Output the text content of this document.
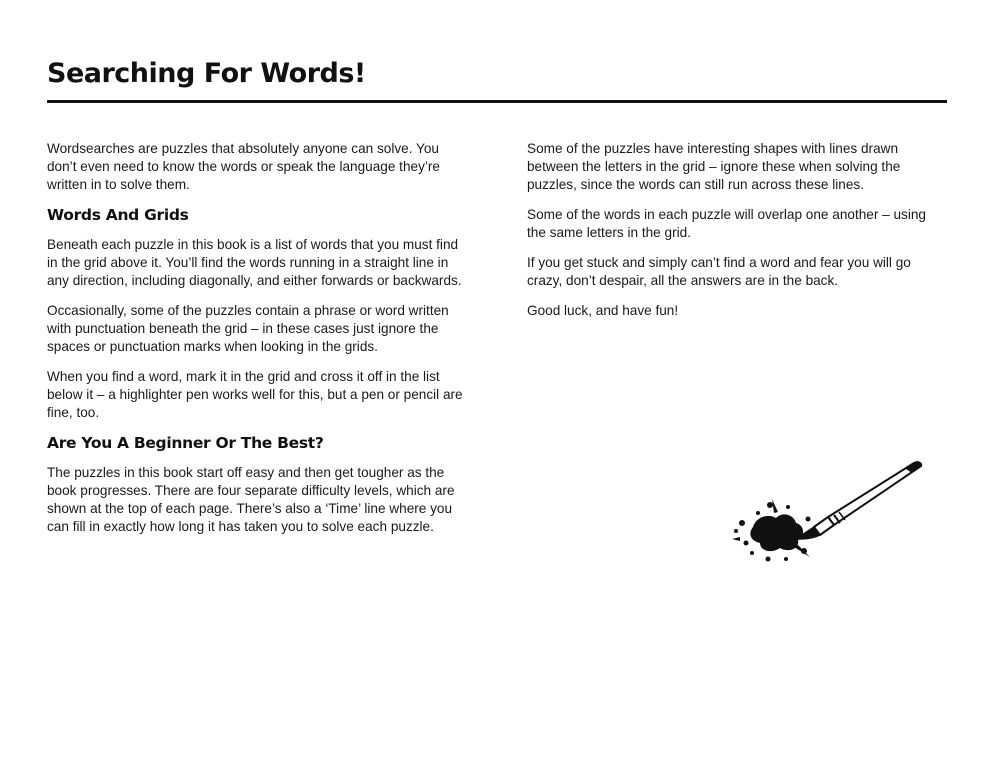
Searching For Words!

Wordsearches are puzzles that absolutely anyone can solve. You don’t even need to know the words or speak the language they’re written in to solve them.

Words And Grids

Beneath each puzzle in this book is a list of words that you must find in the grid above it. You’ll find the words running in a straight line in any direction, including diagonally, and either forwards or backwards.

Occasionally, some of the puzzles contain a phrase or word written with punctuation beneath the grid – in these cases just ignore the spaces or punctuation marks when looking in the grids.

When you find a word, mark it in the grid and cross it off in the list below it – a highlighter pen works well for this, but a pen or pencil are fine, too.

Are You A Beginner Or The Best?

The puzzles in this book start off easy and then get tougher as the book progresses. There are four separate difficulty levels, which are shown at the top of each page. There’s also a ‘Time’ line where you can fill in exactly how long it has taken you to solve each puzzle.

Some of the puzzles have interesting shapes with lines drawn between the letters in the grid – ignore these when solving the puzzles, since the words can still run across these lines.

Some of the words in each puzzle will overlap one another – using the same letters in the grid.

If you get stuck and simply can’t find a word and fear you will go crazy, don’t despair, all the answers are in the back.

Good luck, and have fun!
